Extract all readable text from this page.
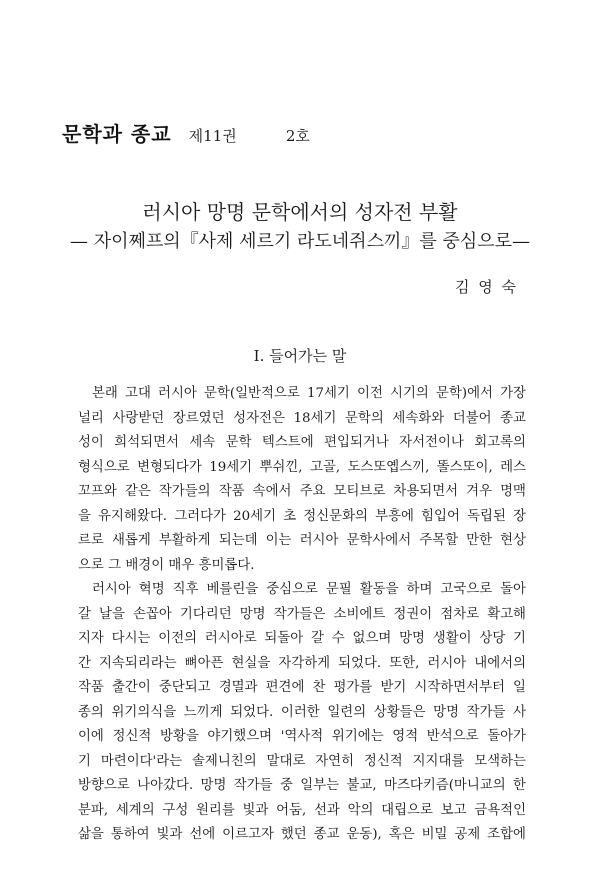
문학과 종교 제11권	2호
러시아 망명 문학에서의 성자전 부활
— 자이쩨프의『사제 세르기 라도네쥐스끼』를 중심으로—
김 영 숙
I. 들어가는 말

본래 고대 러시아 문학(일반적으로 17세기 이전 시기의 문학)에서 가장
널리 사랑받던 장르였던 성자전은 18세기 문학의 세속화와 더불어 종교
성이 희석되면서 세속 문학 텍스트에 편입되거나 자서전이나 회고록의
형식으로 변형되다가 19세기 뿌쉬낀, 고골, 도스또옙스끼, 똘스또이, 레스
꼬프와 같은 작가들의 작품 속에서 주요 모티브로 차용되면서 겨우 명맥
을 유지해왔다. 그러다가 20세기 초 정신문화의 부흥에 힘입어 독립된 장
르로 새롭게 부활하게 되는데 이는 러시아 문학사에서 주목할 만한 현상
으로 그 배경이 매우 흥미롭다.

러시아 혁명 직후 베를린을 중심으로 문필 활동을 하며 고국으로 돌아
갈 날을 손꼽아 기다리던 망명 작가들은 소비에트 정권이 점차로 확고해
지자 다시는 이전의 러시아로 되돌아 갈 수 없으며 망명 생활이 상당 기
간 지속되리라는 뼈아픈 현실을 자각하게 되었다. 또한, 러시아 내에서의
작품 출간이 중단되고 경멸과 편견에 찬 평가를 받기 시작하면서부터 일
종의 위기의식을 느끼게 되었다. 이러한 일련의 상황들은 망명 작가들 사
이에 정신적 방황을 야기했으며 '역사적 위기에는 영적 반석으로 돌아가
기 마련이다'라는 솔제니친의 말대로 자연히 정신적 지지대를 모색하는
방향으로 나아갔다. 망명 작가들 중 일부는 불교, 마즈다키즘(마니교의 한
분파, 세계의 구성 원리를 빛과 어둠, 선과 악의 대립으로 보고 금욕적인
삶을 통하여 빛과 선에 이르고자 했던 종교 운동), 혹은 비밀 공제 조합에
